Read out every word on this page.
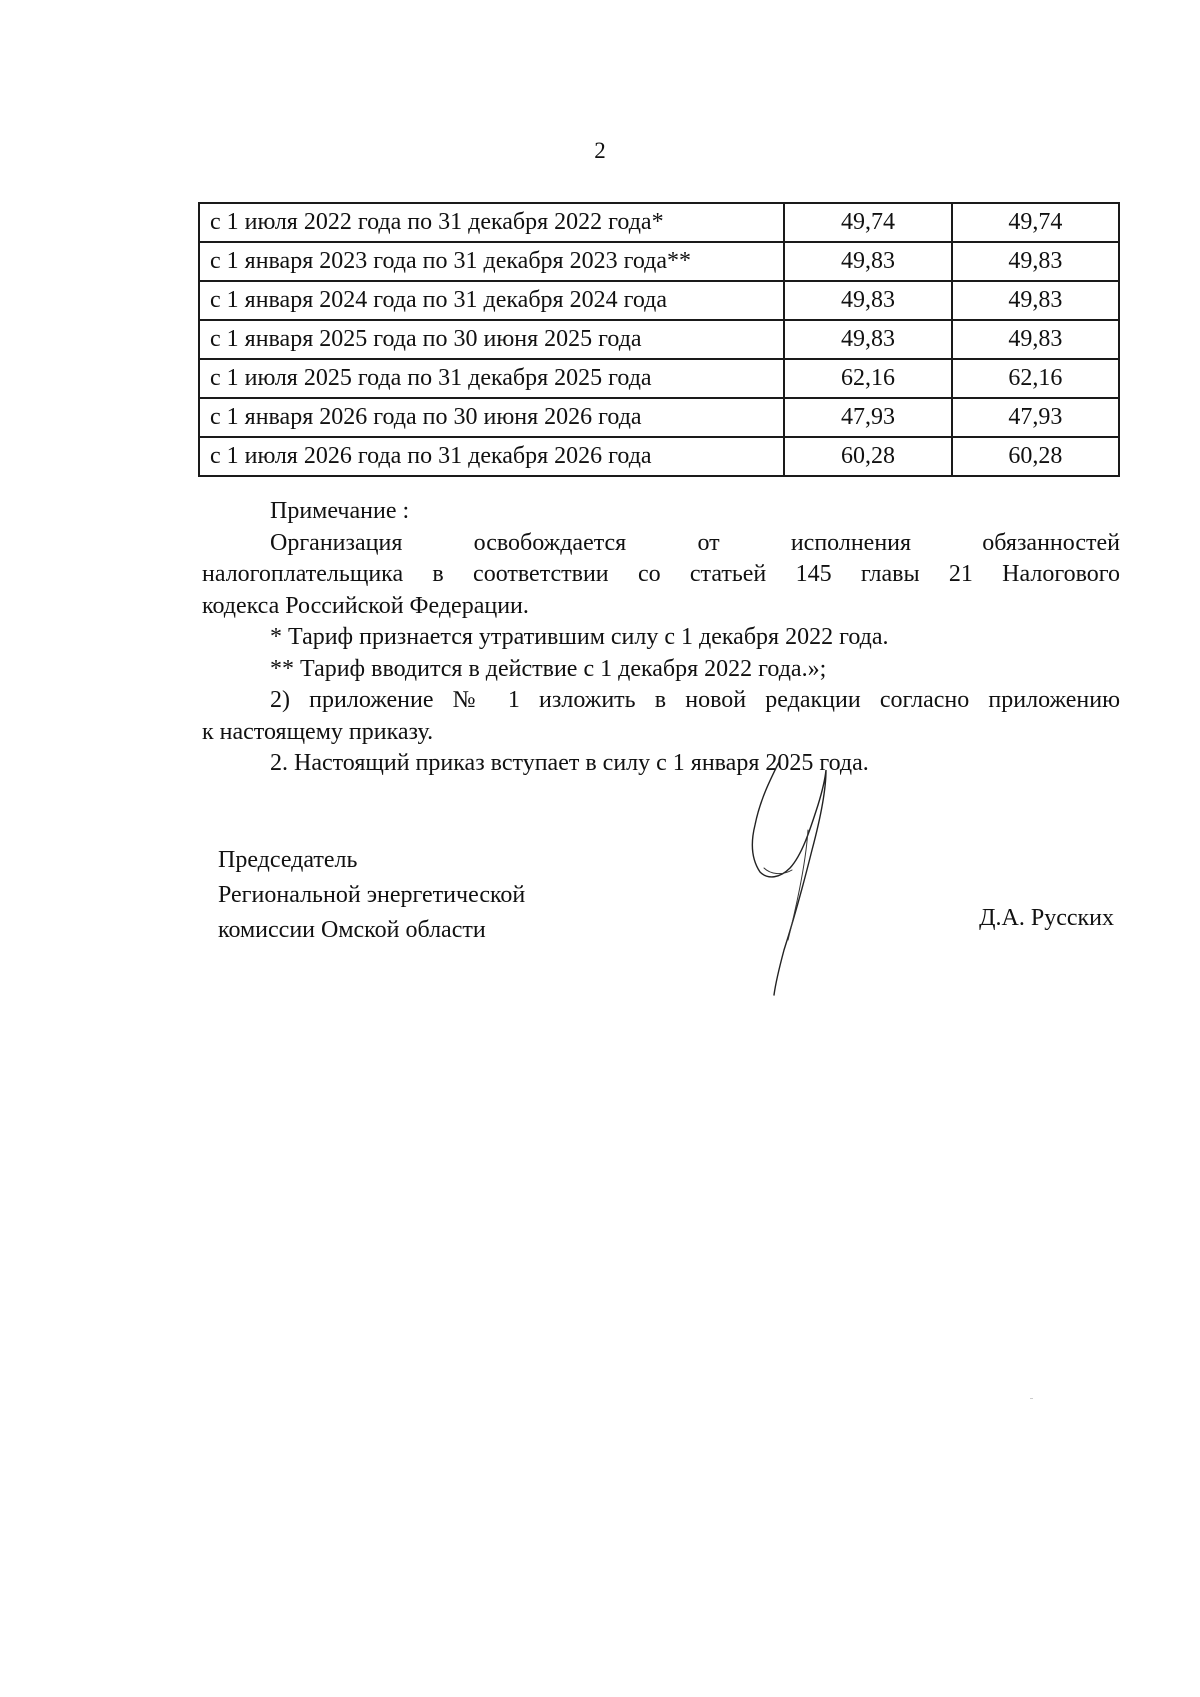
2
с 1 июля 2022 года по 31 декабря 2022 года*	49,74	49,74
с 1 января 2023 года по 31 декабря 2023 года**	49,83	49,83
с 1 января 2024 года по 31 декабря 2024 года	49,83	49,83
с 1 января 2025 года по 30 июня 2025 года	49,83	49,83
с 1 июля 2025 года по 31 декабря 2025 года	62,16	62,16
с 1 января 2026 года по 30 июня 2026 года	47,93	47,93
с 1 июля 2026 года по 31 декабря 2026 года	60,28	60,28

Примечание :

Организация освобождается от исполнения обязанностей

налогоплательщика в соответствии со статьей 145 главы 21 Налогового

кодекса Российской Федерации.

* Тариф признается утратившим силу с 1 декабря 2022 года.

** Тариф вводится в действие с 1 декабря 2022 года.»;

2) приложение № 1 изложить в новой редакции согласно приложению

к настоящему приказу.

2. Настоящий приказ вступает в силу с 1 января 2025 года.

Председатель
Региональной энергетической
комиссии Омской области	Д.А. Русских
